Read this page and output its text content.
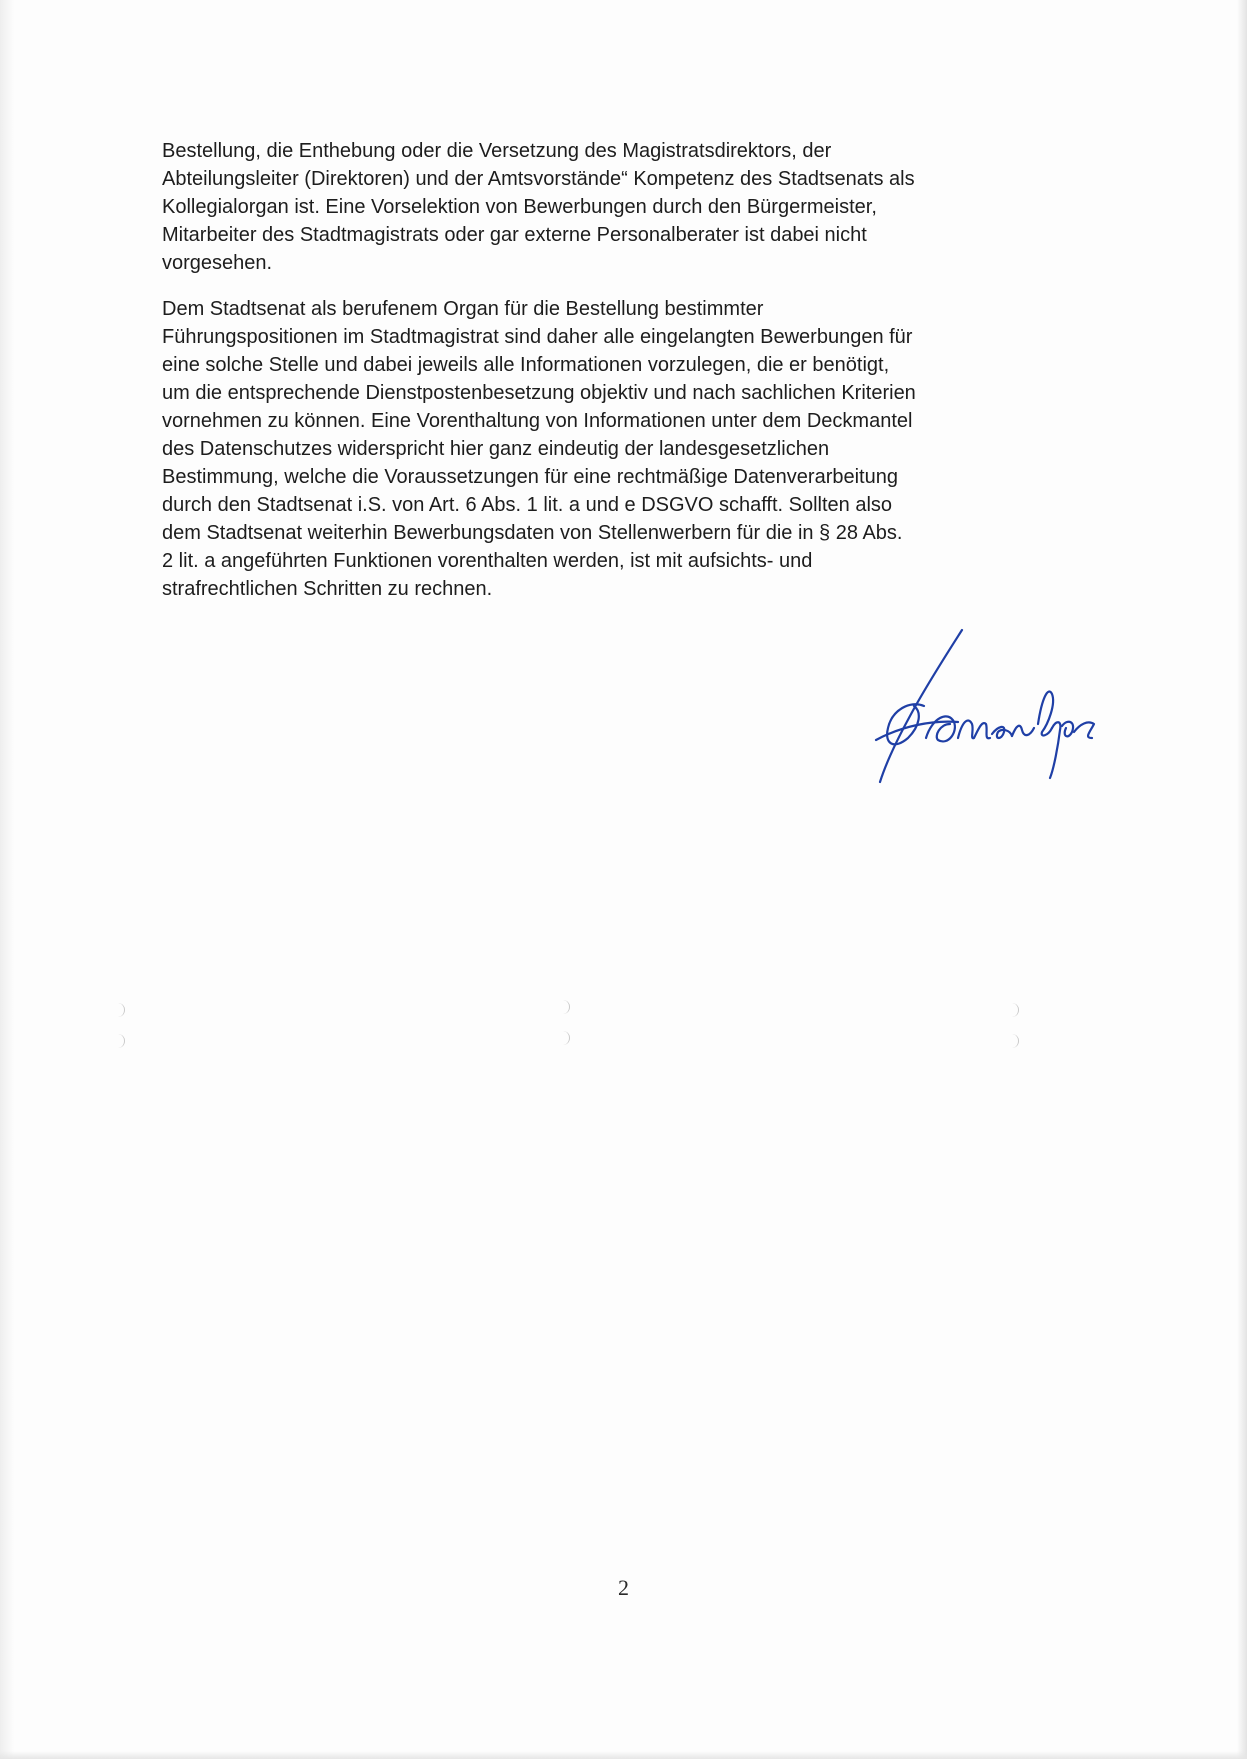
Bestellung, die Enthebung oder die Versetzung des Magistratsdirektors, der
Abteilungsleiter (Direktoren) und der Amtsvorstände“ Kompetenz des Stadtsenats als
Kollegialorgan ist. Eine Vorselektion von Bewerbungen durch den Bürgermeister,
Mitarbeiter des Stadtmagistrats oder gar externe Personalberater ist dabei nicht
vorgesehen.

Dem Stadtsenat als berufenem Organ für die Bestellung bestimmter
Führungspositionen im Stadtmagistrat sind daher alle eingelangten Bewerbungen für
eine solche Stelle und dabei jeweils alle Informationen vorzulegen, die er benötigt,
um die entsprechende Dienstpostenbesetzung objektiv und nach sachlichen Kriterien
vornehmen zu können. Eine Vorenthaltung von Informationen unter dem Deckmantel
des Datenschutzes widerspricht hier ganz eindeutig der landesgesetzlichen
Bestimmung, welche die Voraussetzungen für eine rechtmäßige Datenverarbeitung
durch den Stadtsenat i.S. von Art. 6 Abs. 1 lit. a und e DSGVO schafft. Sollten also
dem Stadtsenat weiterhin Bewerbungsdaten von Stellenwerbern für die in § 28 Abs.
2 lit. a angeführten Funktionen vorenthalten werden, ist mit aufsichts- und
strafrechtlichen Schritten zu rechnen.

2
